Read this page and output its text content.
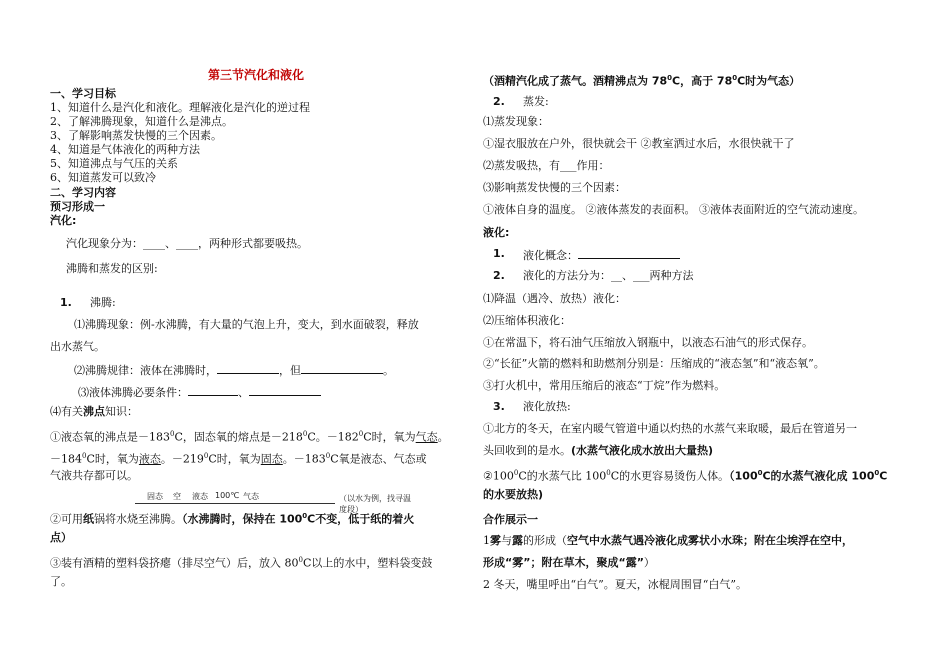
第三节汽化和液化
一、学习目标
1、知道什么是汽化和液化。理解液化是汽化的逆过程
2、了解沸腾现象，知道什么是沸点。
3、了解影响蒸发快慢的三个因素。
4、知道是气体液化的两种方法
5、知道沸点与气压的关系
6、知道蒸发可以致冷
二、学习内容
预习形成一
汽化:
汽化现象分为：____、____，两种形式都要吸热。
沸腾和蒸发的区别:
1. 沸腾:
⑴沸腾现象：例-水沸腾，有大量的气泡上升，变大，到水面破裂，释放
出水蒸气。
⑵沸腾规律：液体在沸腾时，	，但	。
⑶液体沸腾必要条件：	、
⑷有关沸点知识：
①液态氧的沸点是$-183^0C$，固态氧的熔点是$-218^0C$。$-182^0C$时，氧为气态。
$-184^0C$时，氧为液态。$-219^0C$时，氧为固态。$-183^0C$氧是液态、气态或
气液共存都可以。
固态 空 液态 100℃ 气态	（以水为例，找寻温度段）
②可用纸锅将水烧至沸腾。（水沸腾时，保持在 $100^0C$不变，低于纸的着火
点）
③装有酒精的塑料袋挤瘪（排尽空气）后，放入 $80^0C$以上的水中，塑料袋变鼓
了。
（酒精汽化成了蒸气。酒精沸点为 $78^0C$，高于 $78^0C$时为气态）
2. 蒸发:
⑴蒸发现象：
①湿衣服放在户外，很快就会干 ②教室洒过水后，水很快就干了
⑵蒸发吸热，有___作用：
⑶影响蒸发快慢的三个因素：
①液体自身的温度。 ②液体蒸发的表面积。 ③液体表面附近的空气流动速度。
液化:
1. 液化概念：
2. 液化的方法分为：__、___两种方法
⑴降温（遇冷、放热）液化：
⑵压缩体积液化：
①在常温下，将石油气压缩放入钢瓶中，以液态石油气的形式保存。
②“长征”火箭的燃料和助燃剂分别是：压缩成的“液态氢”和“液态氧”。
③打火机中，常用压缩后的液态“丁烷”作为燃料。
3. 液化放热:
①北方的冬天，在室内暖气管道中通以灼热的水蒸气来取暖，最后在管道另一
头回收到的是水。(水蒸气液化成水放出大量热)
$②100^0C$的水蒸气比 $100^0C$的水更容易烫伤人体。（$100^0C$的水蒸气液化成 $100^0C$
的水要放热)
合作展示一
1雾与露的形成（空气中水蒸气遇冷液化成雾状小水珠；附在尘埃浮在空中，
形成“雾”；附在草木，聚成“露”）
2 冬天，嘴里呼出“白气”。夏天，冰棍周围冒“白气”。
